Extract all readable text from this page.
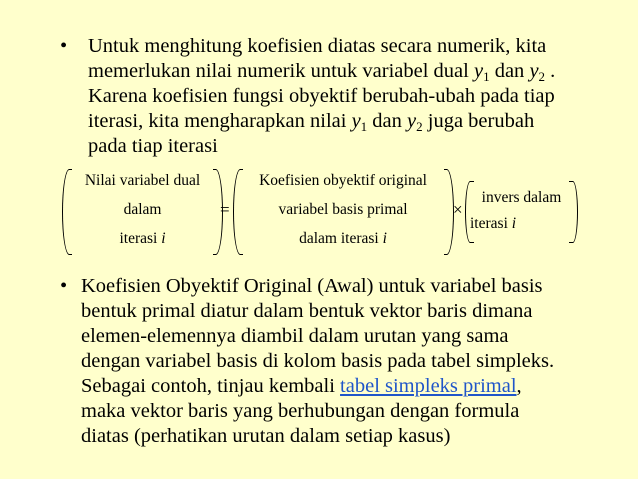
• Untuk menghitung koefisien diatas secara numerik, kita
memerlukan nilai numerik untuk variabel dual $y_1$ dan $y_2$ .
Karena koefisien fungsi obyektif berubah-ubah pada tiap
iterasi, kita mengharapkan nilai $y_1$ dan $y_2$ juga berubah
pada tiap iterasi
Nilai variabel dual
dalam
iterasi i
=
Koefisien obyektif original
variabel basis primal
dalam iterasi i
×
invers dalam
iterasi i
• Koefisien Obyektif Original (Awal) untuk variabel basis
bentuk primal diatur dalam bentuk vektor baris dimana
elemen-elemennya diambil dalam urutan yang sama
dengan variabel basis di kolom basis pada tabel simpleks.
Sebagai contoh, tinjau kembali tabel simpleks primal,
maka vektor baris yang berhubungan dengan formula
diatas (perhatikan urutan dalam setiap kasus)
